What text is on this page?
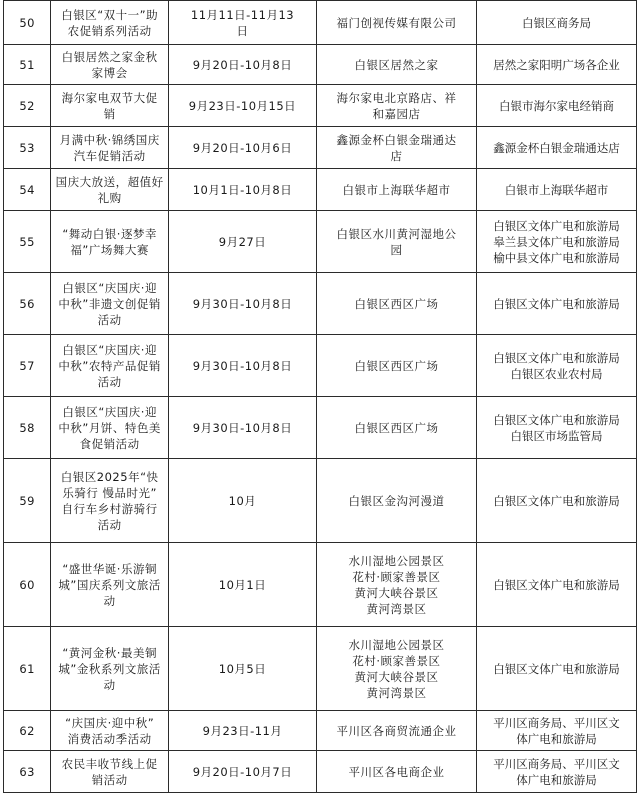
50	白银区“双十一”助
农促销系列活动	11月11日-11月13
日	福门创视传媒有限公司	白银区商务局

51	白银居然之家金秋
家博会	9月20日-10月8日	白银区居然之家	居然之家阳明广场各企业

52	海尔家电双节大促
销	9月23日-10月15日	海尔家电北京路店、祥
和嘉园店	白银市海尔家电经销商

53	月满中秋·锦绣国庆
汽车促销活动	9月20日-10月6日	鑫源金杯白银金瑞通达
店	鑫源金杯白银金瑞通达店

54	国庆大放送，超值好
礼购	10月1日-10月8日	白银市上海联华超市	白银市上海联华超市

55	“舞动白银·逐梦幸
福”广场舞大赛	9月27日	白银区水川黄河湿地公
园	白银区文体广电和旅游局
皋兰县文体广电和旅游局
榆中县文体广电和旅游局

56	白银区“庆国庆·迎
中秋”非遗文创促销
活动	9月30日-10月8日	白银区西区广场	白银区文体广电和旅游局

57	白银区“庆国庆·迎
中秋”农特产品促销
活动	9月30日-10月8日	白银区西区广场	白银区文体广电和旅游局
白银区农业农村局

58	白银区“庆国庆·迎
中秋”月饼、特色美
食促销活动	9月30日-10月8日	白银区西区广场	白银区文体广电和旅游局
白银区市场监管局

59	白银区2025年“快
乐骑行 慢品时光”
自行车乡村游骑行
活动	10月	白银区金沟河漫道	白银区文体广电和旅游局

60	“盛世华诞·乐游铜
城”国庆系列文旅活动	10月1日	水川湿地公园景区
花村·顾家善景区
黄河大峡谷景区
黄河湾景区	白银区文体广电和旅游局

61	“黄河金秋·最美铜
城”金秋系列文旅活动	10月5日	水川湿地公园景区
花村·顾家善景区
黄河大峡谷景区
黄河湾景区	白银区文体广电和旅游局

62	“庆国庆·迎中秋”
消费活动季活动	9月23日-11月	平川区各商贸流通企业	平川区商务局、平川区文
体广电和旅游局

63	农民丰收节线上促
销活动	9月20日-10月7日	平川区各电商企业	平川区商务局、平川区文
体广电和旅游局
